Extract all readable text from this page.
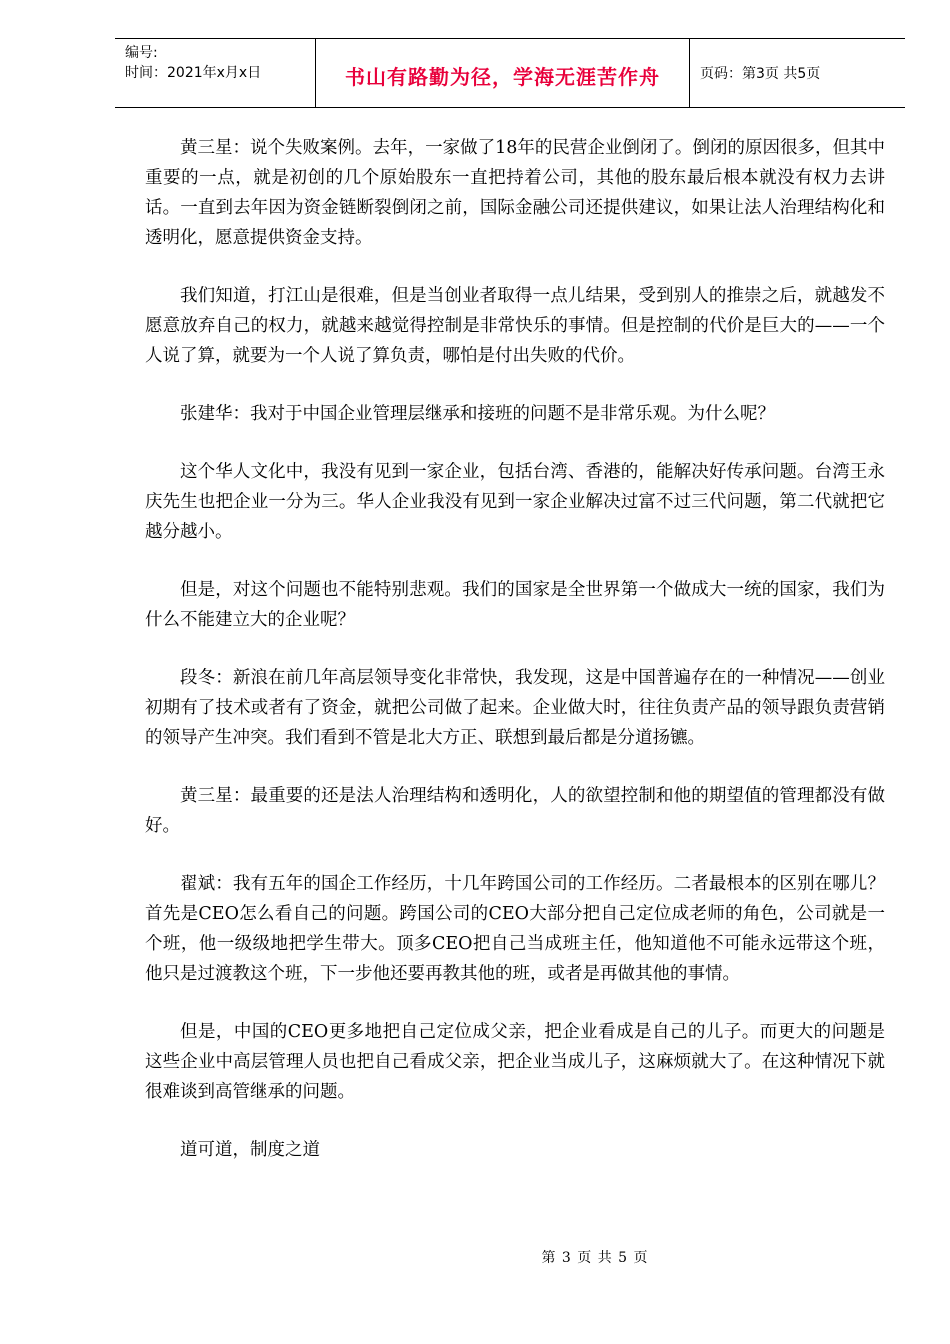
编号:
时间：2021年x月x日	书山有路勤为径，学海无涯苦作舟	页码：第3页 共5页

黄三星：说个失败案例。去年，一家做了18年的民营企业倒闭了。倒闭的原因很多，但其中重要的一点，就是初创的几个原始股东一直把持着公司，其他的股东最后根本就没有权力去讲话。一直到去年因为资金链断裂倒闭之前，国际金融公司还提供建议，如果让法人治理结构化和透明化，愿意提供资金支持。

我们知道，打江山是很难，但是当创业者取得一点儿结果，受到别人的推崇之后，就越发不愿意放弃自己的权力，就越来越觉得控制是非常快乐的事情。但是控制的代价是巨大的——一个人说了算，就要为一个人说了算负责，哪怕是付出失败的代价。

张建华：我对于中国企业管理层继承和接班的问题不是非常乐观。为什么呢？

这个华人文化中，我没有见到一家企业，包括台湾、香港的，能解决好传承问题。台湾王永庆先生也把企业一分为三。华人企业我没有见到一家企业解决过富不过三代问题，第二代就把它越分越小。

但是，对这个问题也不能特别悲观。我们的国家是全世界第一个做成大一统的国家，我们为什么不能建立大的企业呢？

段冬：新浪在前几年高层领导变化非常快，我发现，这是中国普遍存在的一种情况——创业初期有了技术或者有了资金，就把公司做了起来。企业做大时，往往负责产品的领导跟负责营销的领导产生冲突。我们看到不管是北大方正、联想到最后都是分道扬镳。

黄三星：最重要的还是法人治理结构和透明化，人的欲望控制和他的期望值的管理都没有做好。

翟斌：我有五年的国企工作经历，十几年跨国公司的工作经历。二者最根本的区别在哪儿？首先是CEO怎么看自己的问题。跨国公司的CEO大部分把自己定位成老师的角色，公司就是一个班，他一级级地把学生带大。顶多CEO把自己当成班主任，他知道他不可能永远带这个班，他只是过渡教这个班，下一步他还要再教其他的班，或者是再做其他的事情。

但是，中国的CEO更多地把自己定位成父亲，把企业看成是自己的儿子。而更大的问题是这些企业中高层管理人员也把自己看成父亲，把企业当成儿子，这麻烦就大了。在这种情况下就很难谈到高管继承的问题。

道可道，制度之道

第 3 页 共 5 页
